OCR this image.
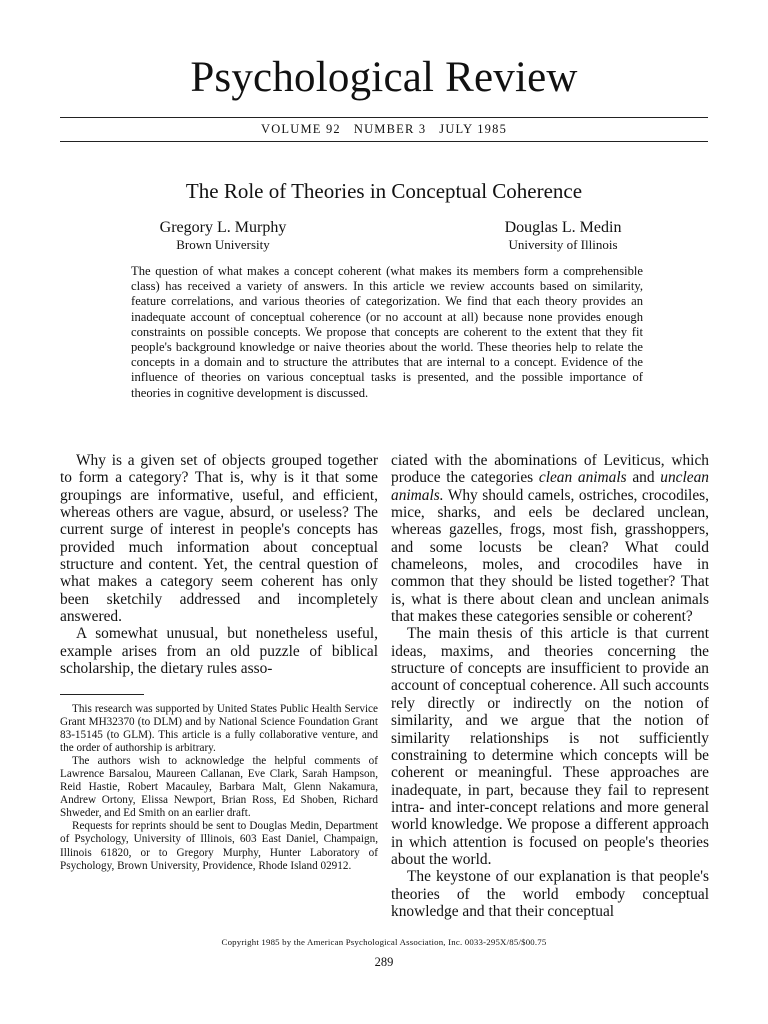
Psychological Review
VOLUME 92   NUMBER 3   JULY 1985
The Role of Theories in Conceptual Coherence
Gregory L. Murphy
Brown University
Douglas L. Medin
University of Illinois
The question of what makes a concept coherent (what makes its members form a comprehensible class) has received a variety of answers. In this article we review accounts based on similarity, feature correlations, and various theories of categorization. We find that each theory provides an inadequate account of conceptual coherence (or no account at all) because none provides enough constraints on possible concepts. We propose that concepts are coherent to the extent that they fit people's background knowledge or naive theories about the world. These theories help to relate the concepts in a domain and to structure the attributes that are internal to a concept. Evidence of the influence of theories on various conceptual tasks is presented, and the possible importance of theories in cognitive development is discussed.

Why is a given set of objects grouped together to form a category? That is, why is it that some groupings are informative, useful, and efficient, whereas others are vague, absurd, or useless? The current surge of interest in people's concepts has provided much information about conceptual structure and content. Yet, the central question of what makes a category seem coherent has only been sketchily addressed and incompletely answered.

A somewhat unusual, but nonetheless useful, example arises from an old puzzle of biblical scholarship, the dietary rules asso-

This research was supported by United States Public Health Service Grant MH32370 (to DLM) and by National Science Foundation Grant 83-15145 (to GLM). This article is a fully collaborative venture, and the order of authorship is arbitrary.

The authors wish to acknowledge the helpful comments of Lawrence Barsalou, Maureen Callanan, Eve Clark, Sarah Hampson, Reid Hastie, Robert Macauley, Barbara Malt, Glenn Nakamura, Andrew Ortony, Elissa Newport, Brian Ross, Ed Shoben, Richard Shweder, and Ed Smith on an earlier draft.

Requests for reprints should be sent to Douglas Medin, Department of Psychology, University of Illinois, 603 East Daniel, Champaign, Illinois 61820, or to Gregory Murphy, Hunter Laboratory of Psychology, Brown University, Providence, Rhode Island 02912.

ciated with the abominations of Leviticus, which produce the categories clean animals and unclean animals. Why should camels, ostriches, crocodiles, mice, sharks, and eels be declared unclean, whereas gazelles, frogs, most fish, grasshoppers, and some locusts be clean? What could chameleons, moles, and crocodiles have in common that they should be listed together? That is, what is there about clean and unclean animals that makes these categories sensible or coherent?

The main thesis of this article is that current ideas, maxims, and theories concerning the structure of concepts are insufficient to provide an account of conceptual coherence. All such accounts rely directly or indirectly on the notion of similarity, and we argue that the notion of similarity relationships is not sufficiently constraining to determine which concepts will be coherent or meaningful. These approaches are inadequate, in part, because they fail to represent intra- and inter-concept relations and more general world knowledge. We propose a different approach in which attention is focused on people's theories about the world.

The keystone of our explanation is that people's theories of the world embody conceptual knowledge and that their conceptual

Copyright 1985 by the American Psychological Association, Inc. 0033-295X/85/$00.75
289
